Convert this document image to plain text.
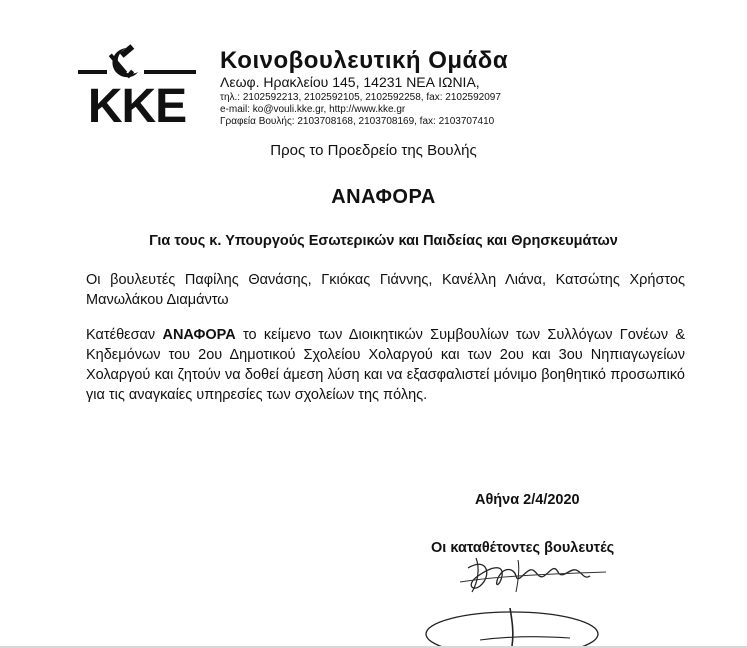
KKE

Κοινοβουλευτική Ομάδα

Λεωφ. Ηρακλείου 145, 14231 ΝΕΑ ΙΩΝΙΑ,

τηλ.: 2102592213, 2102592105, 2102592258, fax: 2102592097

e-mail: ko@vouli.kke.gr, http://www.kke.gr

Γραφεία Βουλής: 2103708168, 2103708169, fax: 2103707410

Προς το Προεδρείο της Βουλής
ΑΝΑΦΟΡΑ
Για τους κ. Υπουργούς Εσωτερικών και Παιδείας και Θρησκευμάτων

Οι βουλευτές Παφίλης Θανάσης, Γκιόκας Γιάννης, Κανέλλη Λιάνα, Κατσώτης Χρήστος Μανωλάκου Διαμάντω

Κατέθεσαν ΑΝΑΦΟΡΑ το κείμενο των Διοικητικών Συμβουλίων των Συλλόγων Γονέων & Κηδεμόνων του 2ου Δημοτικού Σχολείου Χολαργού και των 2ου και 3ου Νηπιαγωγείων Χολαργού και ζητούν να δοθεί άμεση λύση και να εξασφαλιστεί μόνιμο βοηθητικό προσωπικό για τις αναγκαίες υπηρεσίες των σχολείων της πόλης.

Αθήνα 2/4/2020
Οι καταθέτοντες βουλευτές
